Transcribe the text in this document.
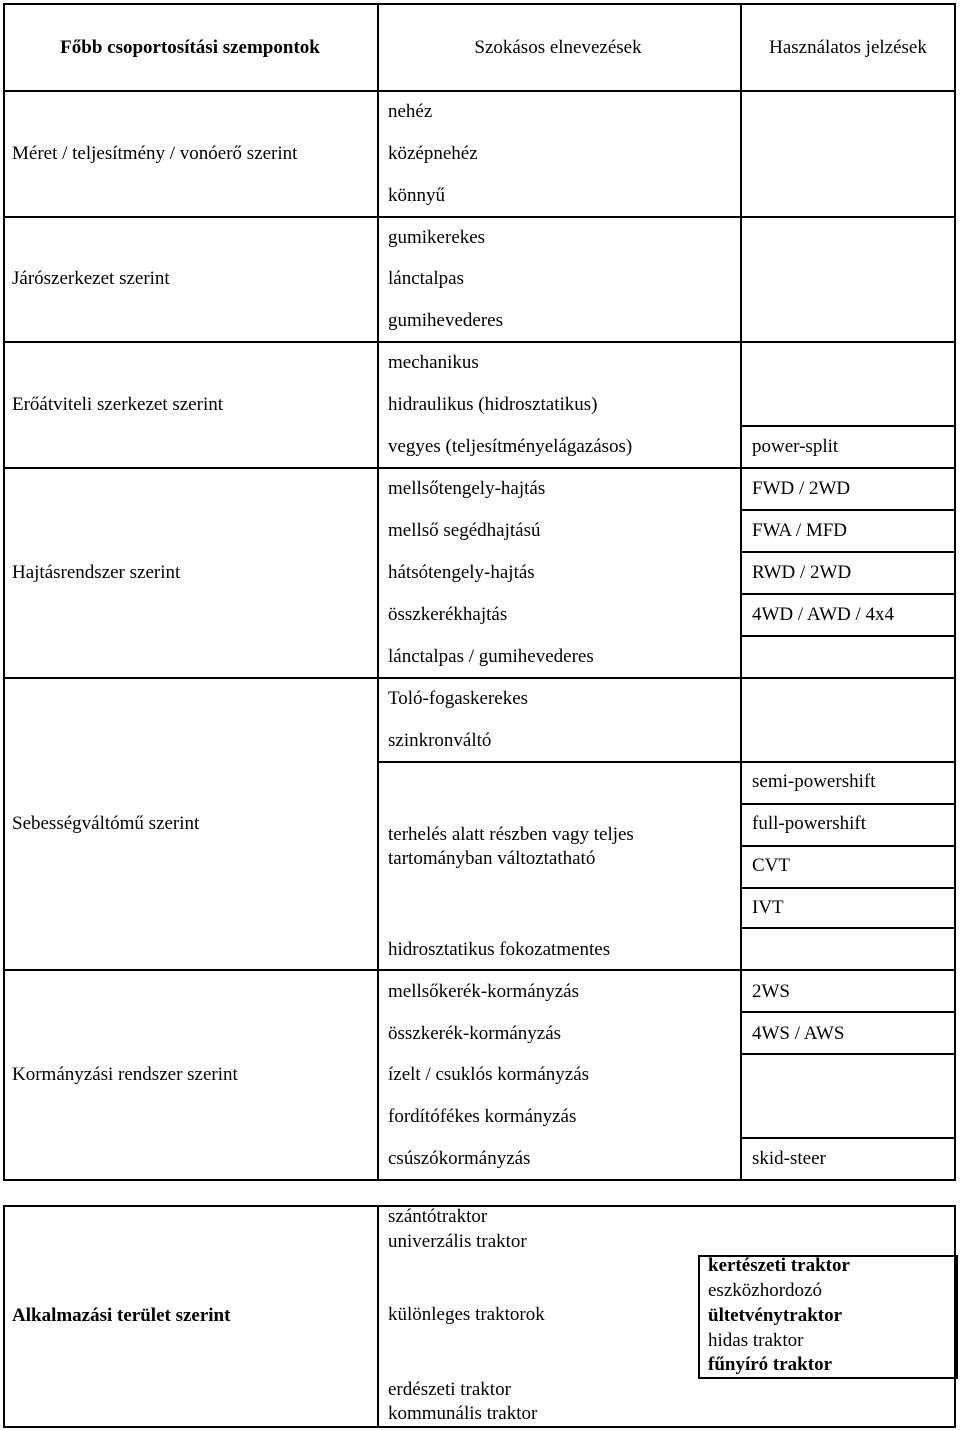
Főbb csoportosítási szempontok	Szokásos elnevezések	Használatos jelzések
Méret / teljesítmény / vonóerő szerint
Járószerkezet szerint
Erőátviteli szerkezet szerint
Hajtásrendszer szerint
Sebességváltómű szerint
Kormányzási rendszer szerint
Alkalmazási terület szerint
nehéz
középnehéz
könnyű
gumikerekes
lánctalpas
gumihevederes
mechanikus
hidraulikus (hidrosztatikus)
vegyes (teljesítményelágazásos)
mellsőtengely-hajtás
mellső segédhajtású
hátsótengely-hajtás
összkerékhajtás
lánctalpas / gumihevederes
Toló-fogaskerekes
szinkronváltó
terhelés alatt részben vagy teljes tartományban változtatható
hidrosztatikus fokozatmentes
mellsőkerék-kormányzás
összkerék-kormányzás
ízelt / csuklós kormányzás
fordítófékes kormányzás
csúszókormányzás
power-split
FWD / 2WD
FWA / MFD
RWD / 2WD
4WD / AWD / 4x4
semi-powershift
full-powershift
CVT
IVT
2WS
4WS / AWS
skid-steer
szántótraktor
univerzális traktor
különleges traktorok
erdészeti traktor
kommunális traktor
kertészeti traktor
eszközhordozó
ültetvénytraktor
hidas traktor
fűnyíró traktor
